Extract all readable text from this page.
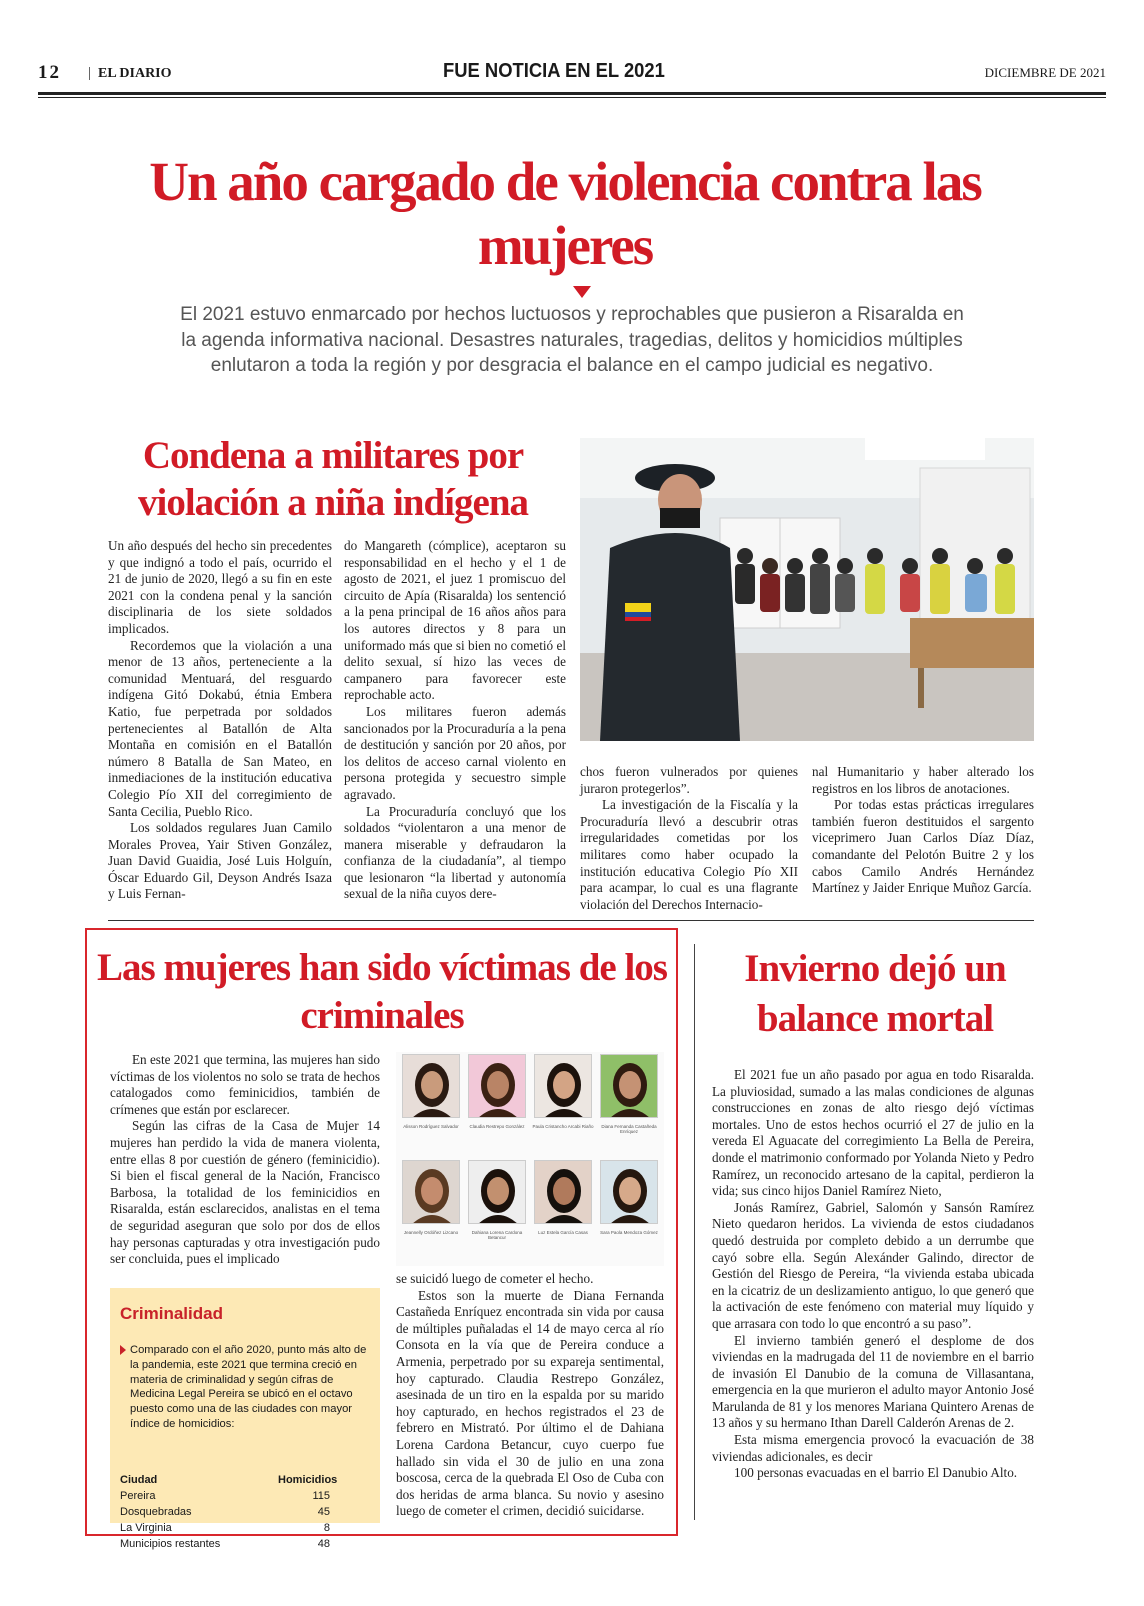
12 | EL DIARIO	FUE NOTICIA EN EL 2021	DICIEMBRE DE 2021
Un año cargado de violencia contra las mujeres

El 2021 estuvo enmarcado por hechos luctuosos y reprochables que pusieron a Risaralda en la agenda informativa nacional. Desastres naturales, tragedias, delitos y homicidios múltiples enlutaron a toda la región y por desgracia el balance en el campo judicial es negativo.

Condena a militares por violación a niña indígena

Un año después del hecho sin precedentes y que indignó a todo el país, ocurrido el 21 de junio de 2020, llegó a su fin en este 2021 con la condena penal y la sanción disciplinaria de los siete soldados implicados.

Recordemos que la violación a una menor de 13 años, perteneciente a la comunidad Mentuará, del resguardo indígena Gitó Dokabú, étnia Embera Katio, fue perpetrada por soldados pertenecientes al Batallón de Alta Montaña en comisión en el Batallón número 8 Batalla de San Mateo, en inmediaciones de la institución educativa Colegio Pío XII del corregimiento de Santa Cecilia, Pueblo Rico.

Los soldados regulares Juan Camilo Morales Provea, Yair Stiven González, Juan David Guaidia, José Luis Holguín, Óscar Eduardo Gil, Deyson Andrés Isaza y Luis Fernan-

do Mangareth (cómplice), aceptaron su responsabilidad en el hecho y el 1 de agosto de 2021, el juez 1 promiscuo del circuito de Apía (Risaralda) los sentenció a la pena principal de 16 años años para los autores directos y 8 para un uniformado más que si bien no cometió el delito sexual, sí hizo las veces de campanero para favorecer este reprochable acto.

Los militares fueron además sancionados por la Procuraduría a la pena de destitución y sanción por 20 años, por los delitos de acceso carnal violento en persona protegida y secuestro simple agravado.

La Procuraduría concluyó que los soldados “violentaron a una menor de manera miserable y defraudaron la confianza de la ciudadanía”, al tiempo que lesionaron “la libertad y autonomía sexual de la niña cuyos dere-

chos fueron vulnerados por quienes juraron protegerlos”.

La investigación de la Fiscalía y la Procuraduría llevó a descubrir otras irregularidades cometidas por los militares como haber ocupado la institución educativa Colegio Pío XII para acampar, lo cual es una flagrante violación del Derechos Internacio-

nal Humanitario y haber alterado los registros en los libros de anotaciones.

Por todas estas prácticas irregulares también fueron destituidos el sargento viceprimero Juan Carlos Díaz Díaz, comandante del Pelotón Buitre 2 y los cabos Camilo Andrés Hernández Martínez y Jaider Enrique Muñoz García.

Las mujeres han sido víctimas de los criminales

En este 2021 que termina, las mujeres han sido víctimas de los violentos no solo se trata de hechos catalogados como feminicidios, también de crímenes que están por esclarecer.

Según las cifras de la Casa de Mujer 14 mujeres han perdido la vida de manera violenta, entre ellas 8 por cuestión de género (feminicidio). Si bien el fiscal general de la Nación, Francisco Barbosa, la totalidad de los feminicidios en Risaralda, están esclarecidos, analistas en el tema de seguridad aseguran que solo por dos de ellos hay personas capturadas y otra investigación pudo ser concluida, pues el implicado

Alisson Rodríguez Salvador	Claudia Restrepo González	Paula Cristancho Arcabi Riaño	Diana Fernanda Castañeda Enríquez
Jeannelly Ordóñez Lizcano	Dahiana Lorena Cardona Betancur
Luz Estela García Casas	Sara Paola Mendoza Gómez

se suicidó luego de cometer el hecho.

Estos son la muerte de Diana Fernanda Castañeda Enríquez encontrada sin vida por causa de múltiples puñaladas el 14 de mayo cerca al río Consota en la vía que de Pereira conduce a Armenia, perpetrado por su expareja sentimental, hoy capturado. Claudia Restrepo González, asesinada de un tiro en la espalda por su marido hoy capturado, en hechos registrados el 23 de febrero en Mistrató. Por último el de Dahiana Lorena Cardona Betancur, cuyo cuerpo fue hallado sin vida el 30 de julio en una zona boscosa, cerca de la quebrada El Oso de Cuba con dos heridas de arma blanca. Su novio y asesino luego de cometer el crimen, decidió suicidarse.

Criminalidad
Comparado con el año 2020, punto más alto de la pandemia, este 2021 que termina creció en materia de criminalidad y según cifras de Medicina Legal Pereira se ubicó en el octavo puesto como una de las ciudades con mayor índice de homicidios:
Ciudad	Homicidios
Pereira	115
Dosquebradas	45
La Virginia	8
Municipios restantes	48
Invierno dejó un balance mortal

El 2021 fue un año pasado por agua en todo Risaralda. La pluviosidad, sumado a las malas condiciones de algunas construcciones en zonas de alto riesgo dejó víctimas mortales. Uno de estos hechos ocurrió el 27 de julio en la vereda El Aguacate del corregimiento La Bella de Pereira, donde el matrimonio conformado por Yolanda Nieto y Pedro Ramírez, un reconocido artesano de la capital, perdieron la vida; sus cinco hijos Daniel Ramírez Nieto,

Jonás Ramírez, Gabriel, Salomón y Sansón Ramírez Nieto quedaron heridos. La vivienda de estos ciudadanos quedó destruida por completo debido a un derrumbe que cayó sobre ella. Según Alexánder Galindo, director de Gestión del Riesgo de Pereira, “la vivienda estaba ubicada en la cicatriz de un deslizamiento antiguo, lo que generó que la activación de este fenómeno con material muy líquido y que arrasara con todo lo que encontró a su paso”.

El invierno también generó el desplome de dos viviendas en la madrugada del 11 de noviembre en el barrio de invasión El Danubio de la comuna de Villasantana, emergencia en la que murieron el adulto mayor Antonio José Marulanda de 81 y los menores Mariana Quintero Arenas de 13 años y su hermano Ithan Darell Calderón Arenas de 2.

Esta misma emergencia provocó la evacuación de 38 viviendas adicionales, es decir

100 personas evacuadas en el barrio El Danubio Alto.
